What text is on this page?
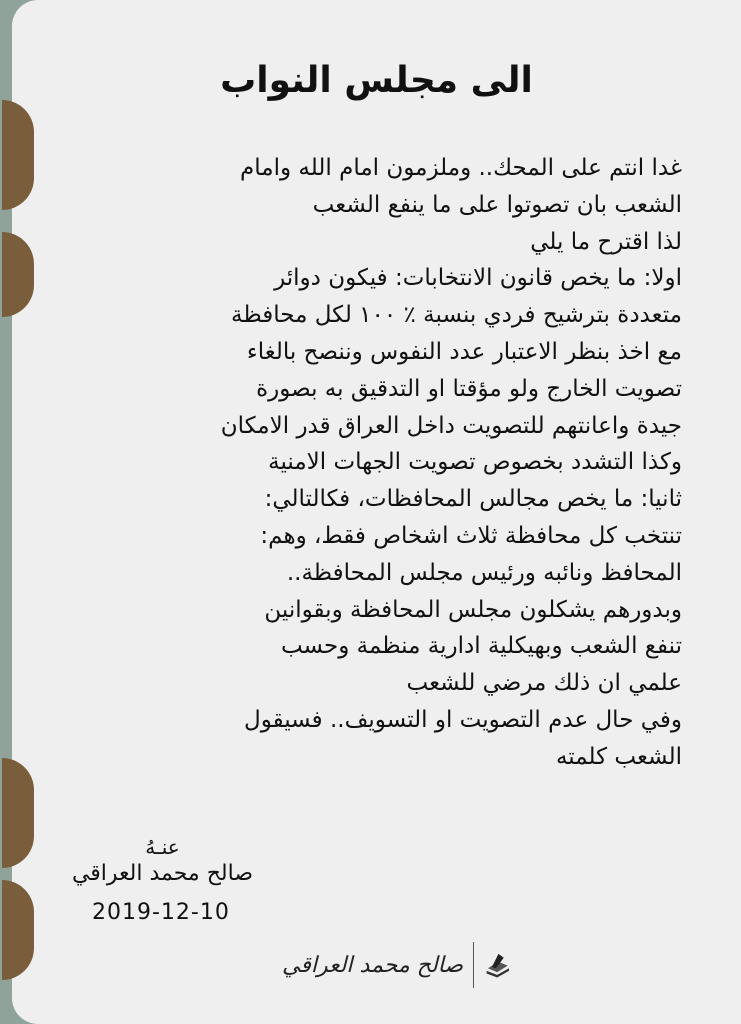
الى مجلس النواب
غدا انتم على المحك.. وملزمون امام الله وامام
الشعب بان تصوتوا على ما ينفع الشعب
لذا اقترح ما يلي
اولا: ما يخص قانون الانتخابات: فيكون دوائر
متعددة بترشيح فردي بنسبة ٪ ١٠٠ لكل محافظة
مع اخذ بنظر الاعتبار عدد النفوس وننصح بالغاء
تصويت الخارج ولو مؤقتا او التدقيق به بصورة
جيدة واعانتهم للتصويت داخل العراق قدر الامكان
وكذا التشدد بخصوص تصويت الجهات الامنية
ثانيا: ما يخص مجالس المحافظات، فكالتالي:
تنتخب كل محافظة ثلاث اشخاص فقط، وهم:
المحافظ ونائبه ورئيس مجلس المحافظة..
وبدورهم يشكلون مجلس المحافظة وبقوانين
تنفع الشعب وبهيكلية ادارية منظمة وحسب
علمي ان ذلك مرضي للشعب
وفي حال عدم التصويت او التسويف.. فسيقول
الشعب كلمته
عنـهُ
صالح محمد العراقي
2019-12-10
صالح محمد العراقي
